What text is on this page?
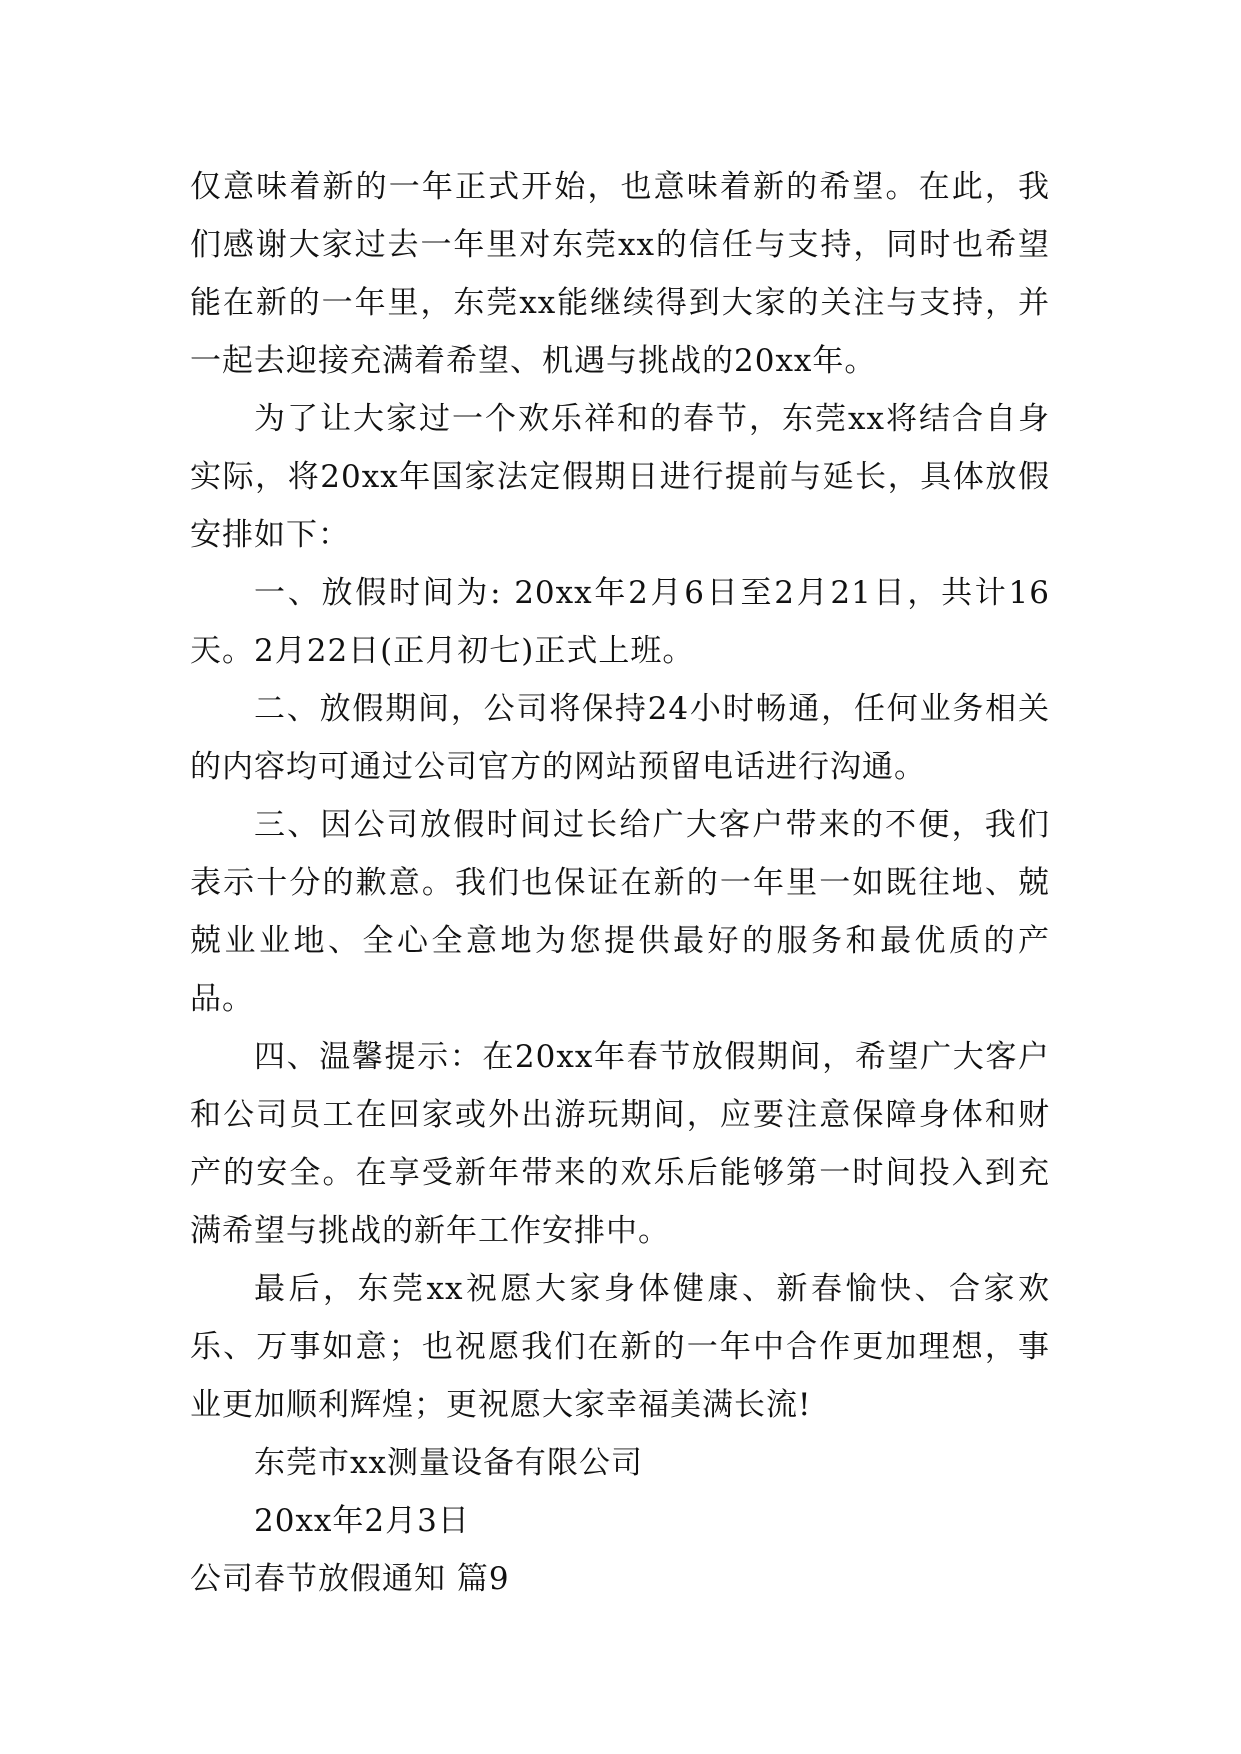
仅意味着新的一年正式开始，也意味着新的希望。在此，我们感谢大家过去一年里对东莞xx的信任与支持，同时也希望能在新的一年里，东莞xx能继续得到大家的关注与支持，并一起去迎接充满着希望、机遇与挑战的20xx年。

为了让大家过一个欢乐祥和的春节，东莞xx将结合自身实际，将20xx年国家法定假期日进行提前与延长，具体放假安排如下：

一、放假时间为: 20xx年2月6日至2月21日，共计16天。2月22日(正月初七)正式上班。

二、放假期间，公司将保持24小时畅通，任何业务相关的内容均可通过公司官方的网站预留电话进行沟通。

三、因公司放假时间过长给广大客户带来的不便，我们表示十分的歉意。我们也保证在新的一年里一如既往地、兢兢业业地、全心全意地为您提供最好的服务和最优质的产品。

四、温馨提示：在20xx年春节放假期间，希望广大客户和公司员工在回家或外出游玩期间，应要注意保障身体和财产的安全。在享受新年带来的欢乐后能够第一时间投入到充满希望与挑战的新年工作安排中。

最后，东莞xx祝愿大家身体健康、新春愉快、合家欢乐、万事如意；也祝愿我们在新的一年中合作更加理想，事业更加顺利辉煌；更祝愿大家幸福美满长流!

东莞市xx测量设备有限公司

20xx年2月3日

公司春节放假通知 篇9
